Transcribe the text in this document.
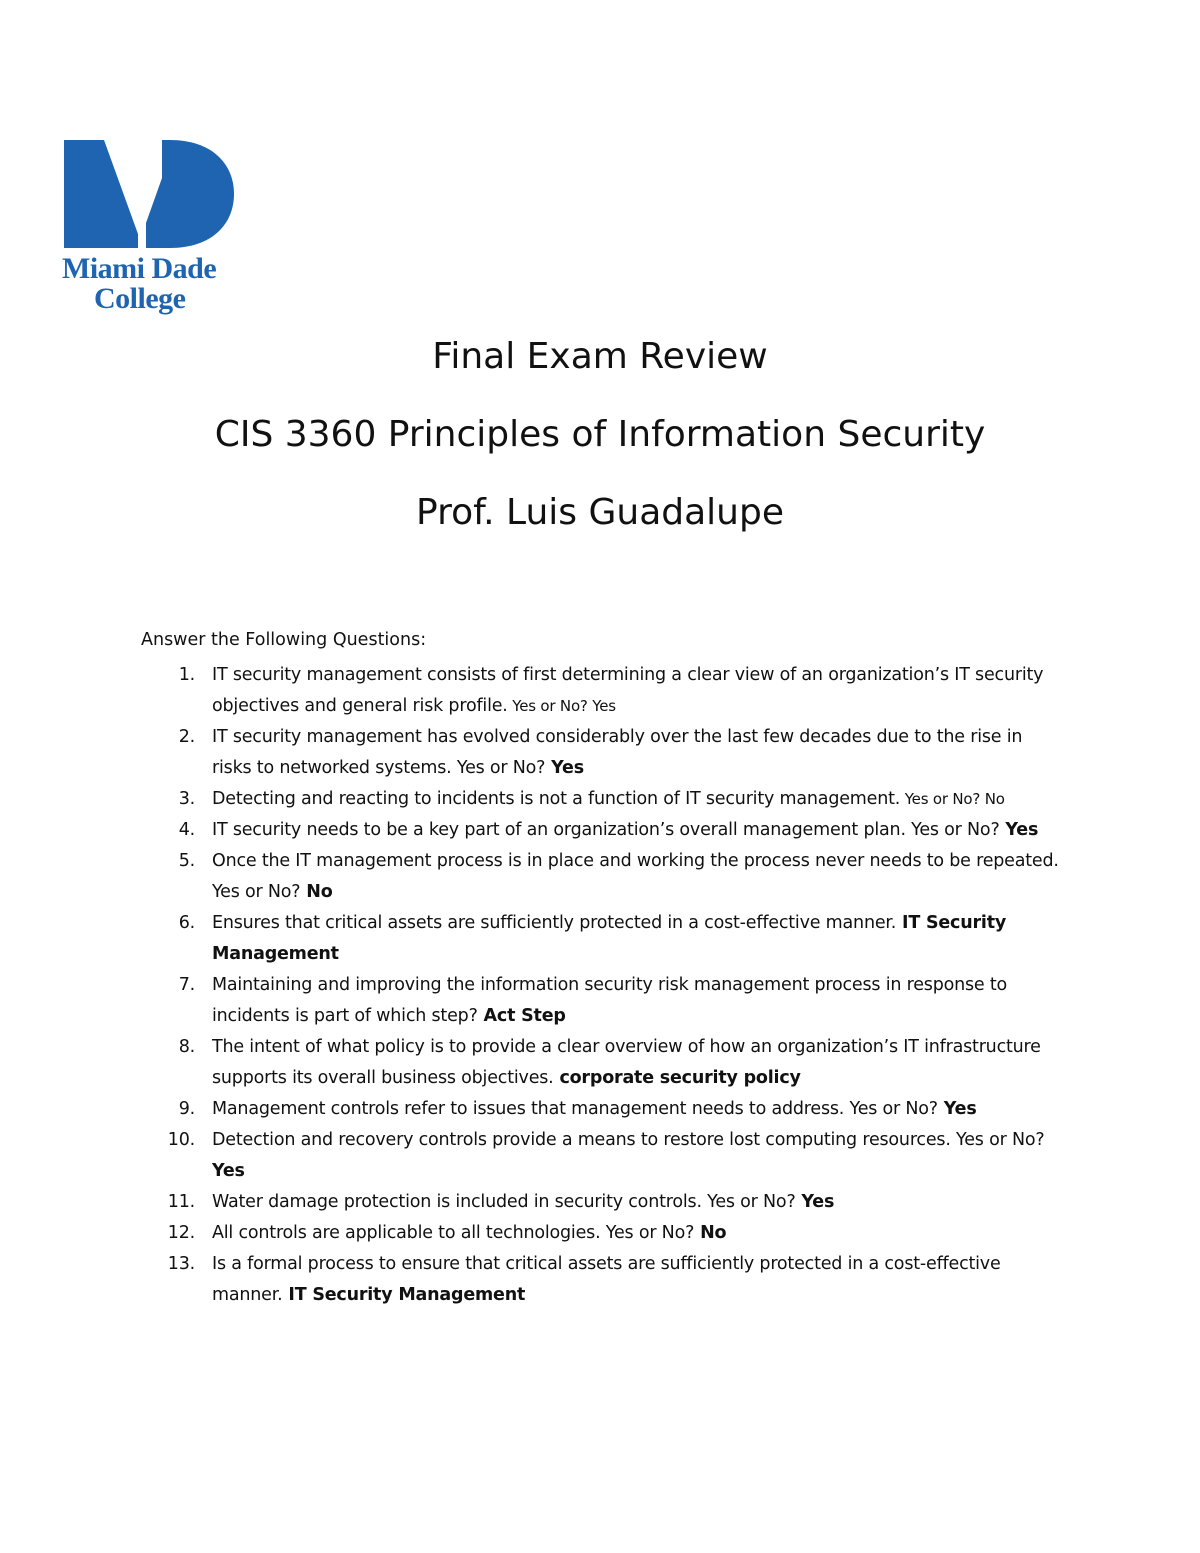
Miami Dade
College
Final Exam Review
CIS 3360 Principles of Information Security
Prof. Luis Guadalupe
Answer the Following Questions:
1. IT security management consists of first determining a clear view of an organization’s IT security objectives and general risk profile. Yes or No? Yes
2. IT security management has evolved considerably over the last few decades due to the rise in risks to networked systems. Yes or No? Yes
3. Detecting and reacting to incidents is not a function of IT security management. Yes or No? No
4. IT security needs to be a key part of an organization’s overall management plan. Yes or No? Yes
5. Once the IT management process is in place and working the process never needs to be repeated. Yes or No? No
6. Ensures that critical assets are sufficiently protected in a cost-effective manner. IT Security Management
7. Maintaining and improving the information security risk management process in response to incidents is part of which step? Act Step
8. The intent of what policy is to provide a clear overview of how an organization’s IT infrastructure supports its overall business objectives. corporate security policy
9. Management controls refer to issues that management needs to address. Yes or No? Yes
10. Detection and recovery controls provide a means to restore lost computing resources. Yes or No? Yes
11. Water damage protection is included in security controls. Yes or No? Yes
12. All controls are applicable to all technologies. Yes or No? No
13. Is a formal process to ensure that critical assets are sufficiently protected in a cost-effective manner. IT Security Management
